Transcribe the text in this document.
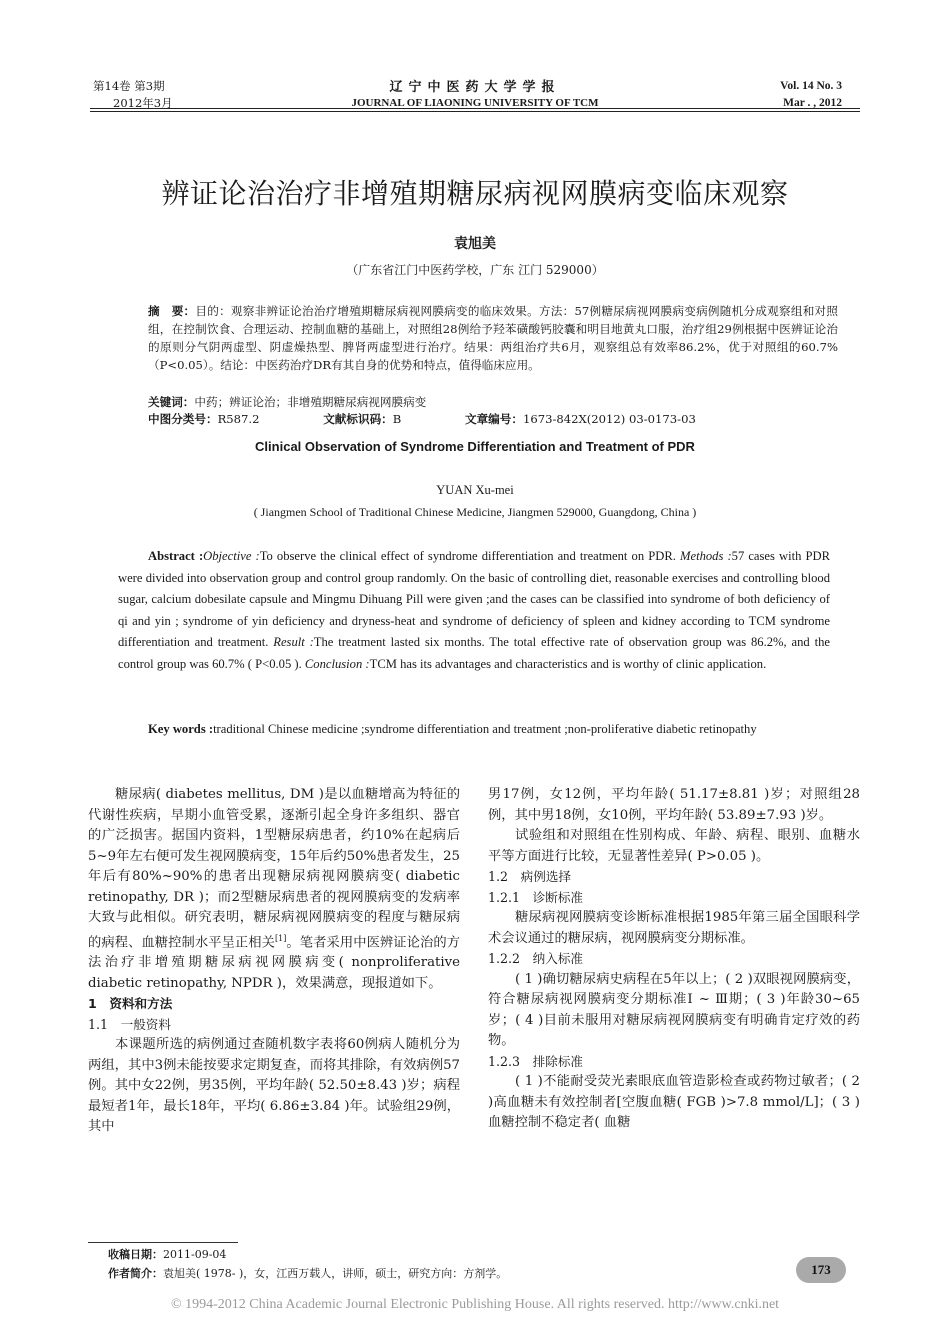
第14卷 第3期
2012年3月
辽宁中医药大学学报
JOURNAL OF LIAONING UNIVERSITY OF TCM
Vol. 14 No. 3
Mar . , 2012
辨证论治治疗非增殖期糖尿病视网膜病变临床观察
袁旭美
（广东省江门中医药学校，广东 江门 529000）
摘　要：目的：观察非辨证论治治疗增殖期糖尿病视网膜病变的临床效果。方法：57例糖尿病视网膜病变病例随机分成观察组和对照组，在控制饮食、合理运动、控制血糖的基础上，对照组28例给予羟苯磺酸钙胶囊和明目地黄丸口服，治疗组29例根据中医辨证论治的原则分气阴两虚型、阴虚燥热型、脾肾两虚型进行治疗。结果：两组治疗共6月，观察组总有效率86.2%，优于对照组的60.7%（P<0.05）。结论：中医药治疗DR有其自身的优势和特点，值得临床应用。
关键词：中药；辨证论治；非增殖期糖尿病视网膜病变
中图分类号：R587.2	文献标识码：B	文章编号：1673-842X(2012) 03-0173-03
Clinical Observation of Syndrome Differentiation and Treatment of PDR
YUAN Xu-mei
( Jiangmen School of Traditional Chinese Medicine, Jiangmen 529000, Guangdong, China )

Abstract :Objective :To observe the clinical effect of syndrome differentiation and treatment on PDR. Methods :57 cases with PDR were divided into observation group and control group randomly. On the basic of controlling diet, reasonable exercises and controlling blood sugar, calcium dobesilate capsule and Mingmu Dihuang Pill were given ;and the cases can be classified into syndrome of both deficiency of qi and yin ; syndrome of yin deficiency and dryness-heat and syndrome of deficiency of spleen and kidney according to TCM syndrome differentiation and treatment. Result :The treatment lasted six months. The total effective rate of observation group was 86.2%, and the control group was 60.7% ( P<0.05 ). Conclusion :TCM has its advantages and characteristics and is worthy of clinic application.

Key words :traditional Chinese medicine ;syndrome differentiation and treatment ;non-proliferative diabetic retinopathy

糖尿病( diabetes mellitus, DM )是以血糖增高为特征的代谢性疾病，早期小血管受累，逐渐引起全身许多组织、器官的广泛损害。据国内资料，1型糖尿病患者，约10%在起病后5~9年左右便可发生视网膜病变，15年后约50%患者发生，25年后有80%~90%的患者出现糖尿病视网膜病变( diabetic retinopathy, DR )；而2型糖尿病患者的视网膜病变的发病率大致与此相似。研究表明，糖尿病视网膜病变的程度与糖尿病的病程、血糖控制水平呈正相关[1]。笔者采用中医辨证论治的方法治疗非增殖期糖尿病视网膜病变( nonproliferative diabetic retinopathy, NPDR )，效果满意，现报道如下。

1　资料和方法

1.1　一般资料

本课题所选的病例通过查随机数字表将60例病人随机分为两组，其中3例未能按要求定期复查，而将其排除，有效病例57例。其中女22例，男35例，平均年龄( 52.50±8.43 )岁；病程最短者1年，最长18年，平均( 6.86±3.84 )年。试验组29例，其中

男17例，女12例，平均年龄( 51.17±8.81 )岁；对照组28例，其中男18例，女10例，平均年龄( 53.89±7.93 )岁。

试验组和对照组在性别构成、年龄、病程、眼别、血糖水平等方面进行比较，无显著性差异( P>0.05 )。

1.2　病例选择

1.2.1　诊断标准

糖尿病视网膜病变诊断标准根据1985年第三届全国眼科学术会议通过的糖尿病，视网膜病变分期标准。

1.2.2　纳入标准

( 1 )确切糖尿病史病程在5年以上；( 2 )双眼视网膜病变，符合糖尿病视网膜病变分期标准Ⅰ ~ Ⅲ期；( 3 )年龄30~65岁；( 4 )目前未服用对糖尿病视网膜病变有明确肯定疗效的药物。

1.2.3　排除标准

( 1 )不能耐受荧光素眼底血管造影检查或药物过敏者；( 2 )高血糖未有效控制者[空腹血糖( FGB )>7.8 mmol/L]；( 3 )血糖控制不稳定者( 血糖

收稿日期：2011-09-04
作者简介：袁旭美( 1978- )，女，江西万载人，讲师，硕士，研究方向：方剂学。	173
© 1994-2012 China Academic Journal Electronic Publishing House. All rights reserved. http://www.cnki.net
